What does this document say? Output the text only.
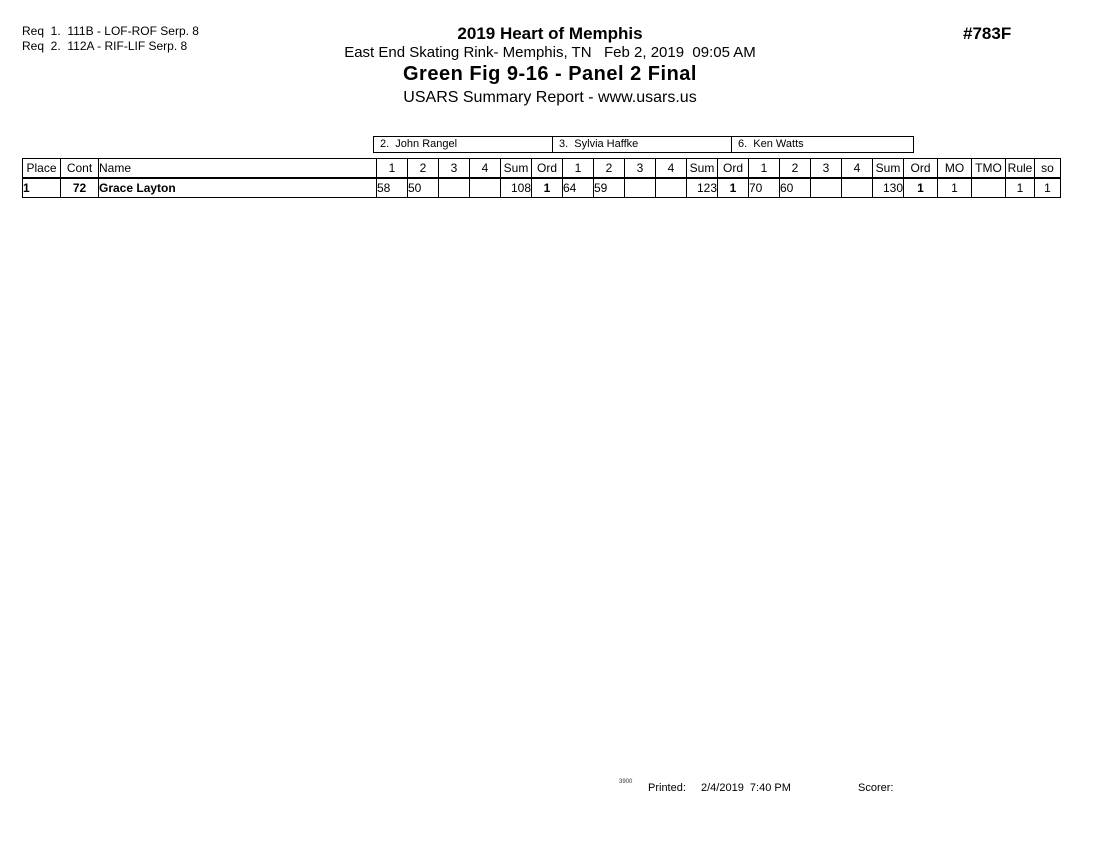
Req  1.  111B - LOF-ROF Serp. 8
Req  2.  112A - RIF-LIF Serp. 8
2019 Heart of Memphis
East End Skating Rink- Memphis, TN   Feb 2, 2019  09:05 AM
Green Fig 9-16 - Panel 2 Final
USARS Summary Report - www.usars.us
#783F
2.  John Rangel	3.  Sylvia Haffke	6.  Ken Watts
Place	Cont	Name	1	2	3	4	Sum	Ord	1	2	3	4	Sum	Ord	1	2	3	4	Sum	Ord	MO	TMO	Rule	so
1	72	Grace Layton	58	50			108	1	64	59			123	1	70	60			130	1	1		1	1
3900 Printed: 2/4/2019  7:40 PM	Scorer:
